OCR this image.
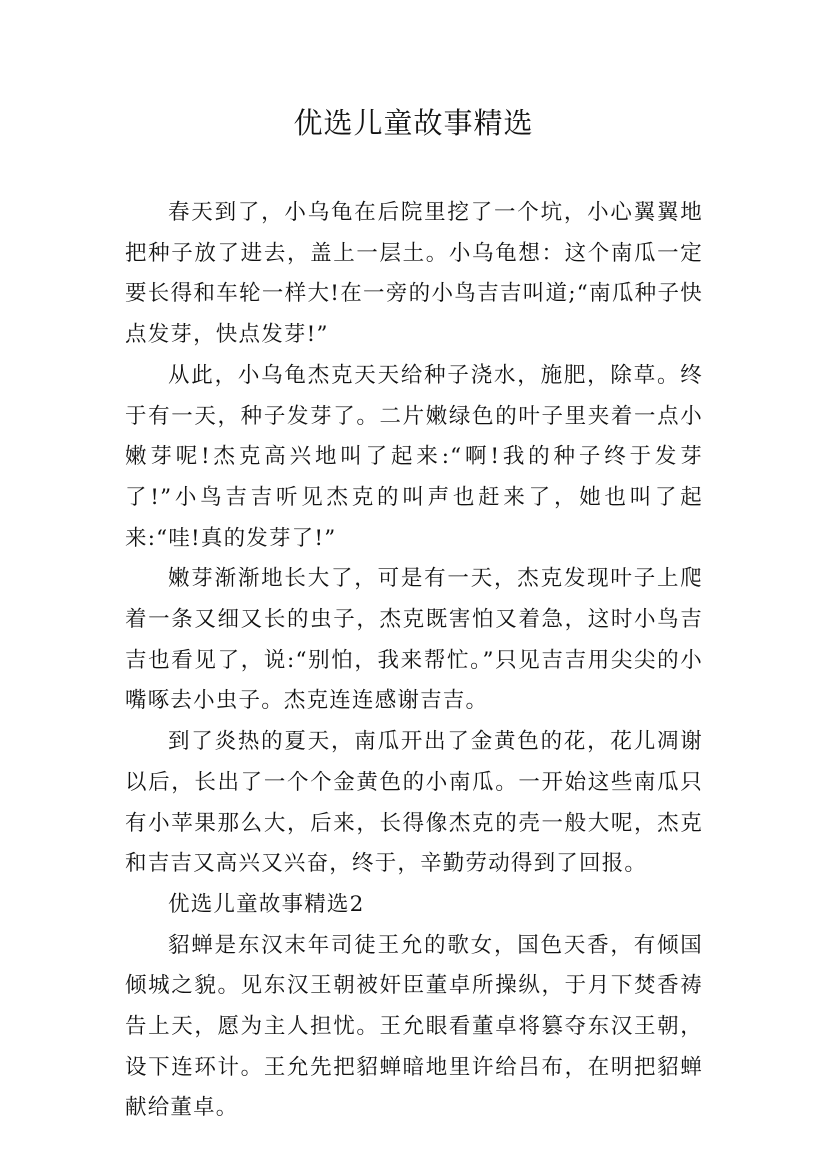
优选儿童故事精选

春天到了，小乌龟在后院里挖了一个坑，小心翼翼地把种子放了进去，盖上一层土。小乌龟想：这个南瓜一定要长得和车轮一样大!在一旁的小鸟吉吉叫道;“南瓜种子快点发芽，快点发芽!”

从此，小乌龟杰克天天给种子浇水，施肥，除草。终于有一天，种子发芽了。二片嫩绿色的叶子里夹着一点小嫩芽呢!杰克高兴地叫了起来:“啊!我的种子终于发芽了!”小鸟吉吉听见杰克的叫声也赶来了，她也叫了起来:“哇!真的发芽了!”

嫩芽渐渐地长大了，可是有一天，杰克发现叶子上爬着一条又细又长的虫子，杰克既害怕又着急，这时小鸟吉吉也看见了，说:“别怕，我来帮忙。”只见吉吉用尖尖的小嘴啄去小虫子。杰克连连感谢吉吉。

到了炎热的夏天，南瓜开出了金黄色的花，花儿凋谢以后，长出了一个个金黄色的小南瓜。一开始这些南瓜只有小苹果那么大，后来，长得像杰克的壳一般大呢，杰克和吉吉又高兴又兴奋，终于，辛勤劳动得到了回报。

优选儿童故事精选2

貂蝉是东汉末年司徒王允的歌女，国色天香，有倾国倾城之貌。见东汉王朝被奸臣董卓所操纵，于月下焚香祷告上天，愿为主人担忧。王允眼看董卓将篡夺东汉王朝，设下连环计。王允先把貂蝉暗地里许给吕布，在明把貂蝉献给董卓。
